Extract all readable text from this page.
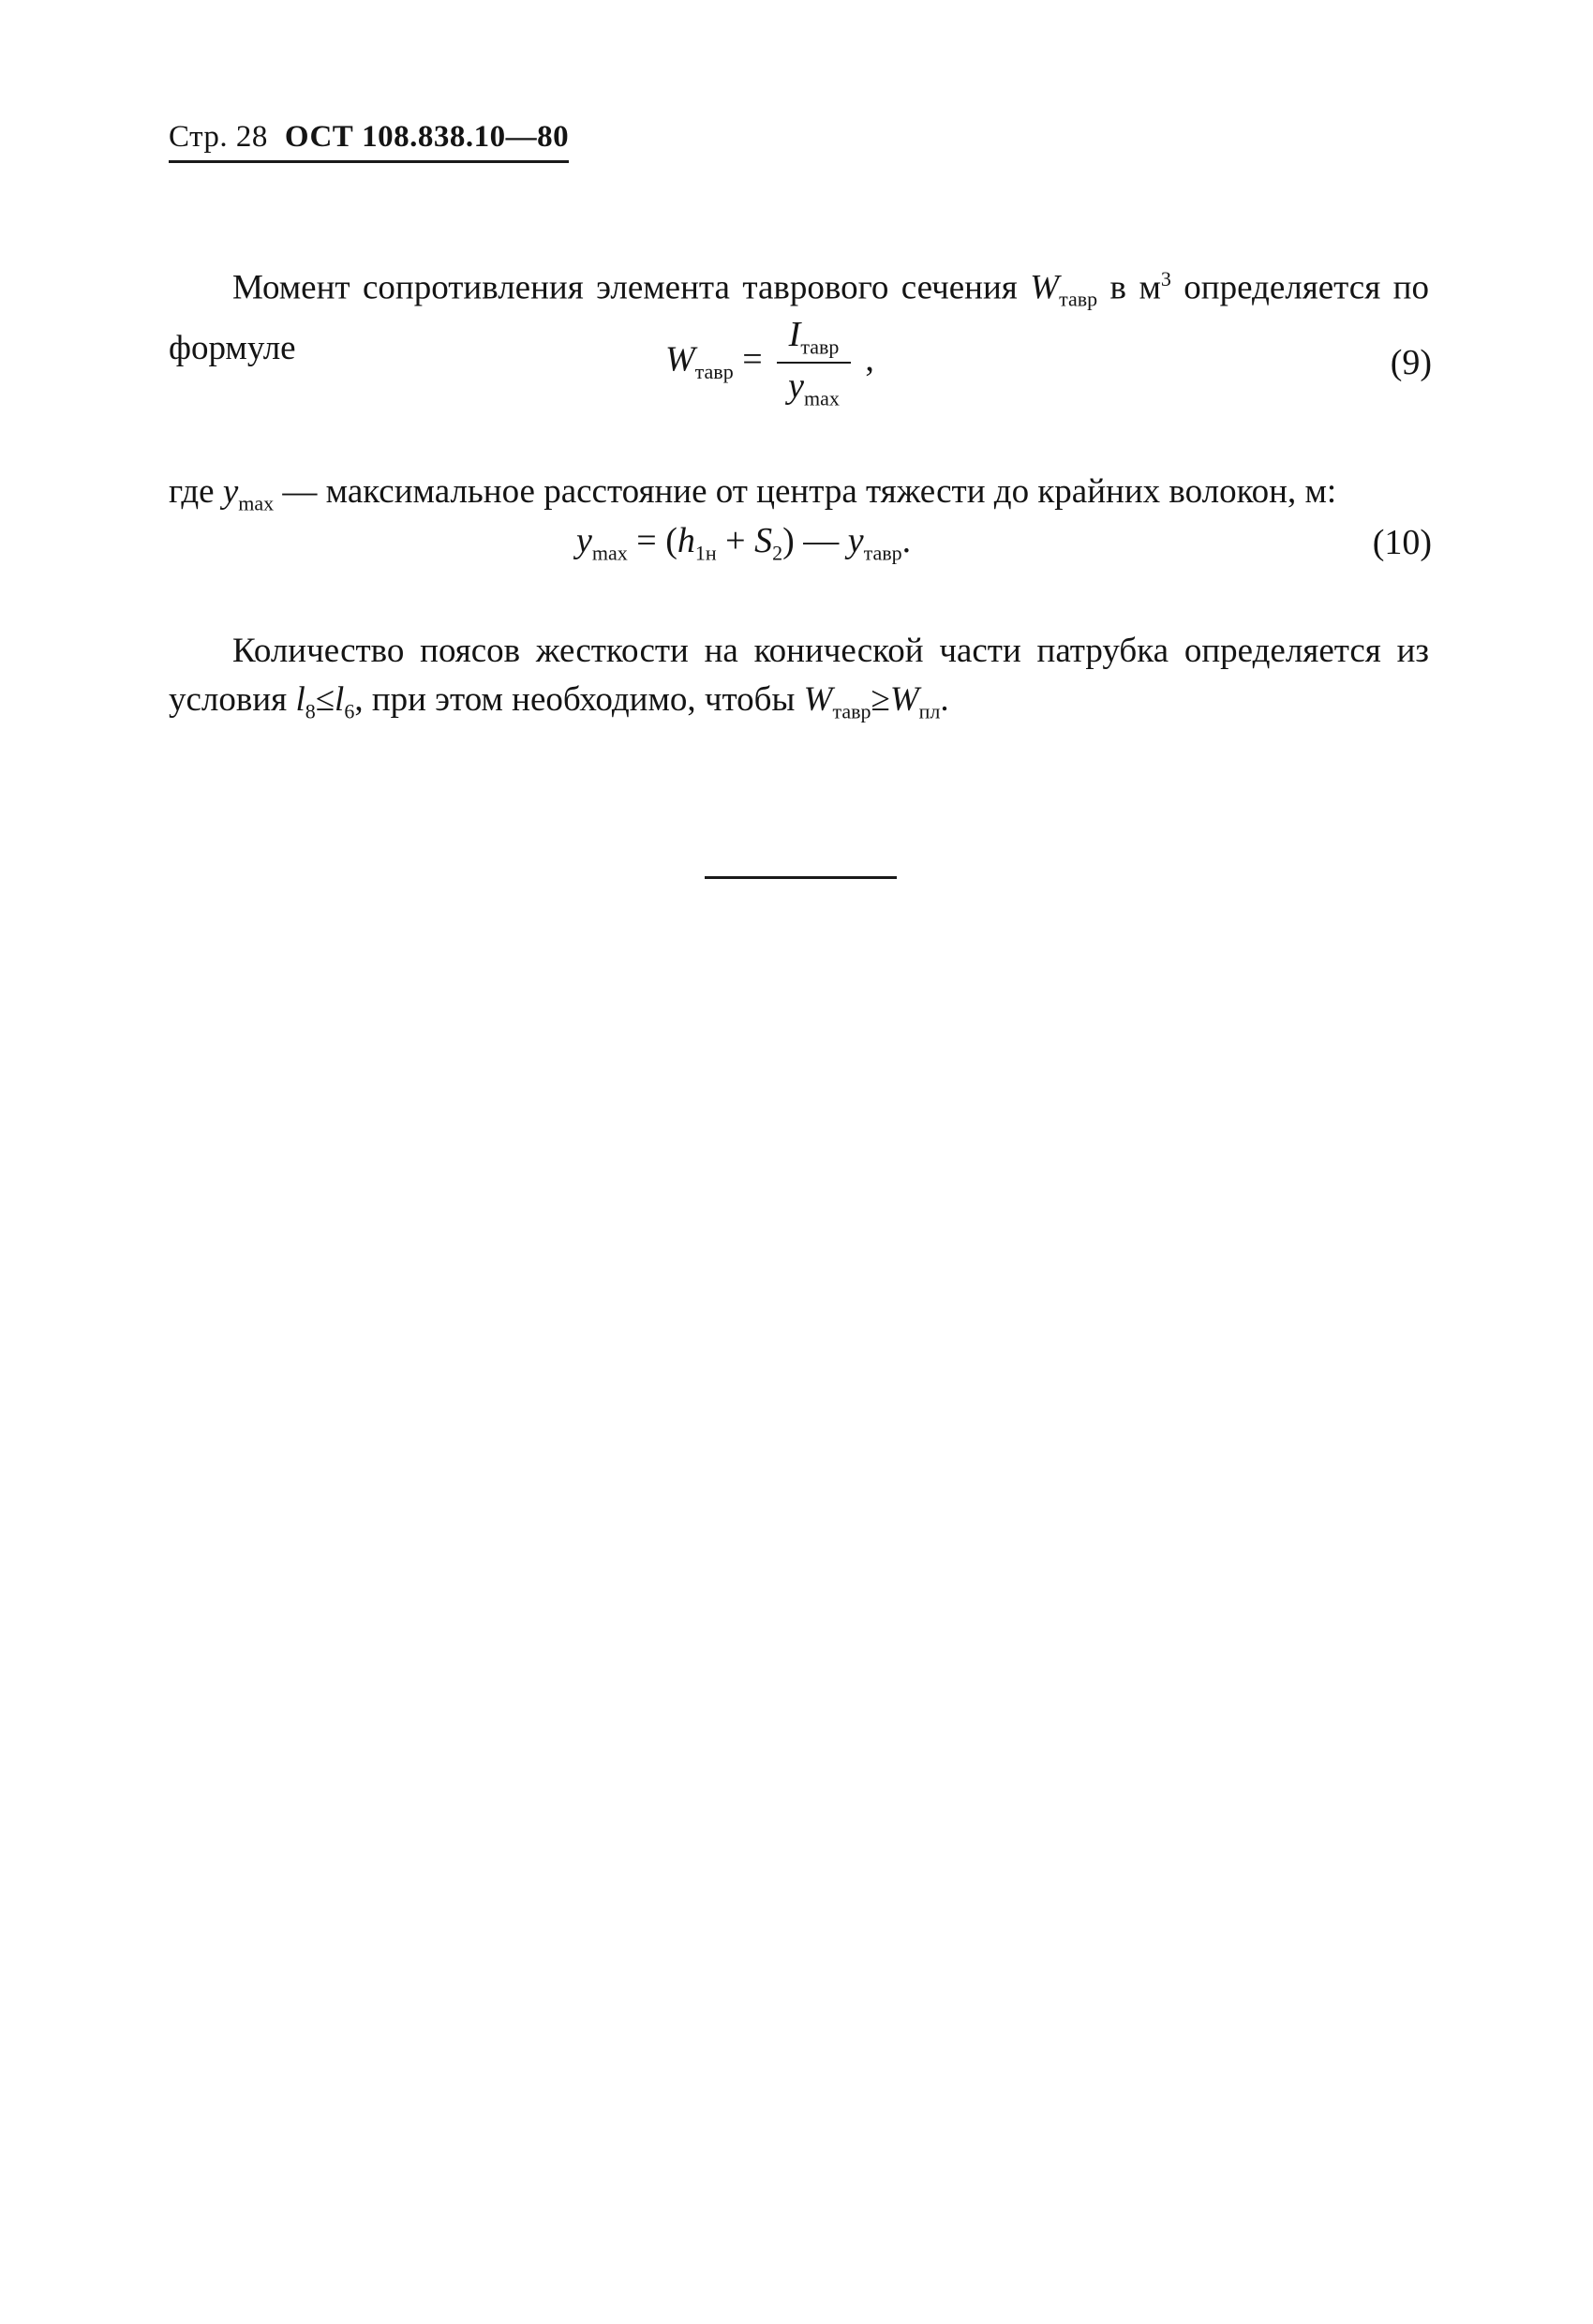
Стр. 28 ОСТ 108.838.10—80

Момент сопротивления элемента таврового сечения $W_{тавр}$ в $м^3$ определяется по формуле	$W_{тавр} = \frac{I_{тавр}}{y_{max}}$ ,	(9)

где $y_{max}$ — максимальное расстояние от центра тяжести до крайних волокон, м:

$y_{max} = (h_{1н} + S_2)$ — $y_{тавр}$.	(10)

Количество поясов жесткости на конической части патрубка определяется из условия $l_8\le l_6$, при этом необходимо, чтобы $W_{тавр}\ge W_{пл}$.
